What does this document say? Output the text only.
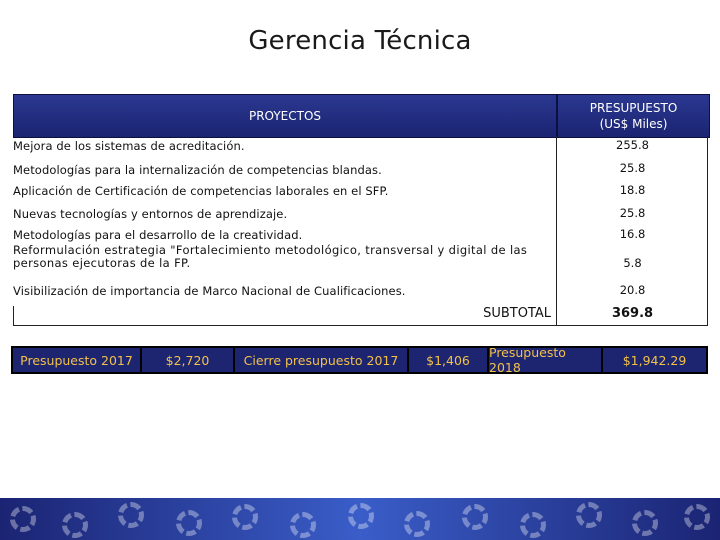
Gerencia Técnica
PROYECTOS
PRESUPUESTO
(US$ Miles)
Mejora de los sistemas de acreditación.	255.8
Metodologías para la internalización de competencias blandas.	25.8
Aplicación de Certificación de competencias laborales en el SFP.	18.8
Nuevas tecnologías y entornos de aprendizaje.	25.8
Metodologías para el desarrollo de la creatividad.	16.8
Reformulación estrategia "Fortalecimiento metodológico, transversal y digital de las personas ejecutoras de la FP.	5.8
Visibilización de importancia de Marco Nacional de Cualificaciones.	20.8
SUBTOTAL	369.8
Presupuesto 2017	$2,720	Cierre presupuesto 2017	$1,406	Presupuesto 2018	$1,942.29
